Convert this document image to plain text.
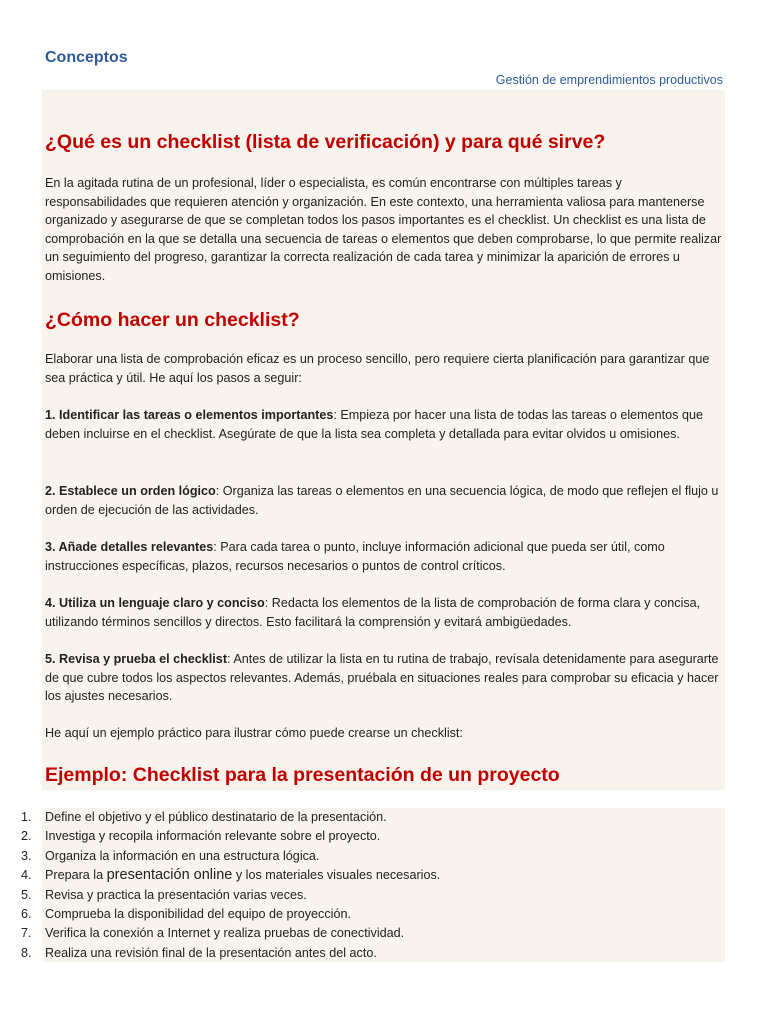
Conceptos
Gestión de emprendimientos productivos
¿Qué es un checklist (lista de verificación) y para qué sirve?

En la agitada rutina de un profesional, líder o especialista, es común encontrarse con múltiples tareas y responsabilidades que requieren atención y organización. En este contexto, una herramienta valiosa para mantenerse organizado y asegurarse de que se completan todos los pasos importantes es el checklist. Un checklist es una lista de comprobación en la que se detalla una secuencia de tareas o elementos que deben comprobarse, lo que permite realizar un seguimiento del progreso, garantizar la correcta realización de cada tarea y minimizar la aparición de errores u omisiones.

¿Cómo hacer un checklist?

Elaborar una lista de comprobación eficaz es un proceso sencillo, pero requiere cierta planificación para garantizar que sea práctica y útil. He aquí los pasos a seguir:

1. Identificar las tareas o elementos importantes: Empieza por hacer una lista de todas las tareas o elementos que deben incluirse en el checklist. Asegúrate de que la lista sea completa y detallada para evitar olvidos u omisiones.

2. Establece un orden lógico: Organiza las tareas o elementos en una secuencia lógica, de modo que reflejen el flujo u orden de ejecución de las actividades.

3. Añade detalles relevantes: Para cada tarea o punto, incluye información adicional que pueda ser útil, como instrucciones específicas, plazos, recursos necesarios o puntos de control críticos.

4. Utiliza un lenguaje claro y conciso: Redacta los elementos de la lista de comprobación de forma clara y concisa, utilizando términos sencillos y directos. Esto facilitará la comprensión y evitará ambigüedades.

5. Revisa y prueba el checklist: Antes de utilizar la lista en tu rutina de trabajo, revísala detenidamente para asegurarte de que cubre todos los aspectos relevantes. Además, pruébala en situaciones reales para comprobar su eficacia y hacer los ajustes necesarios.

He aquí un ejemplo práctico para ilustrar cómo puede crearse un checklist:

Ejemplo: Checklist para la presentación de un proyecto
1.	Define el objetivo y el público destinatario de la presentación.
2.	Investiga y recopila información relevante sobre el proyecto.
3.	Organiza la información en una estructura lógica.
4.	Prepara la presentación online y los materiales visuales necesarios.
5.	Revisa y practica la presentación varias veces.
6.	Comprueba la disponibilidad del equipo de proyección.
7.	Verifica la conexión a Internet y realiza pruebas de conectividad.
8.	Realiza una revisión final de la presentación antes del acto.
